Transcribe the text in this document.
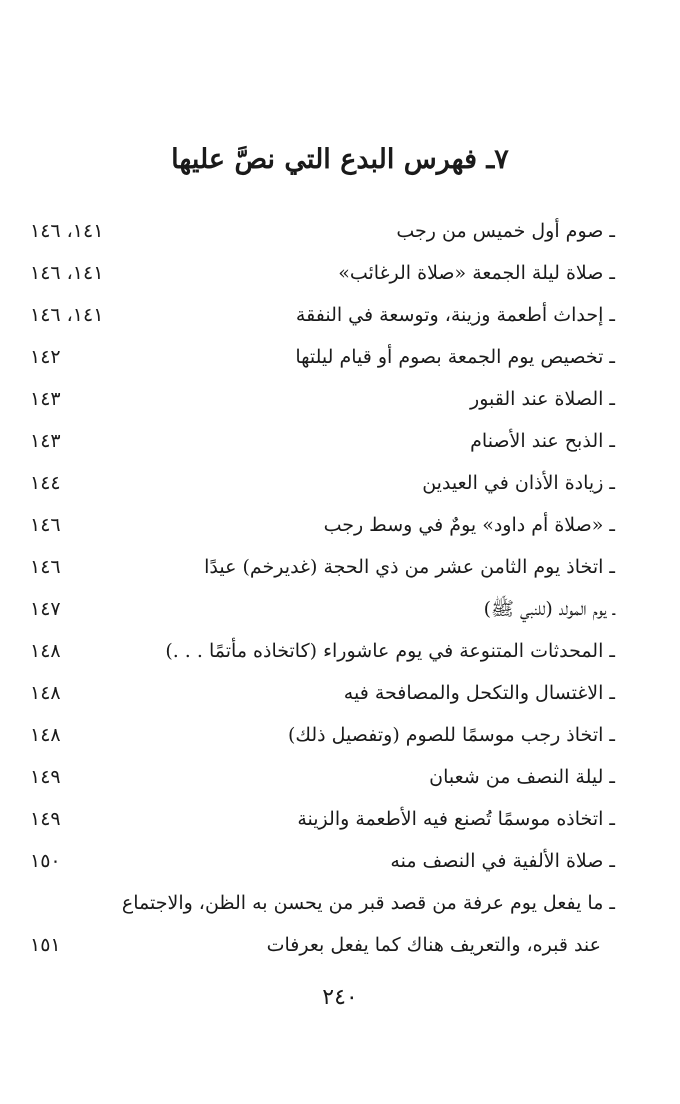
٧ـ فهرس البدع التي نصَّ عليها
ـ صوم أول خميس من رجب
١٤١، ١٤٦
ـ صلاة ليلة الجمعة «صلاة الرغائب»
١٤١، ١٤٦
ـ إحداث أطعمة وزينة، وتوسعة في النفقة
١٤١، ١٤٦
ـ تخصيص يوم الجمعة بصوم أو قيام ليلتها
١٤٢
ـ الصلاة عند القبور
١٤٣
ـ الذبح عند الأصنام
١٤٣
ـ زيادة الأذان في العيدين
١٤٤
ـ «صلاة أم داود» يومٌ في وسط رجب
١٤٦
ـ اتخاذ يوم الثامن عشر من ذي الحجة (غديرخم) عيدًا
١٤٦
ـ يوم المولد (للنبي ﷺ)
١٤٧
ـ المحدثات المتنوعة في يوم عاشوراء (كاتخاذه مأتمًا . . .)
١٤٨
ـ الاغتسال والتكحل والمصافحة فيه
١٤٨
ـ اتخاذ رجب موسمًا للصوم (وتفصيل ذلك)
١٤٨
ـ ليلة النصف من شعبان
١٤٩
ـ اتخاذه موسمًا تُصنع فيه الأطعمة والزينة
١٤٩
ـ صلاة الألفية في النصف منه
١٥٠
ـ ما يفعل يوم عرفة من قصد قبر من يحسن به الظن، والاجتماع
عند قبره، والتعريف هناك كما يفعل بعرفات
١٥١
٢٤٠
